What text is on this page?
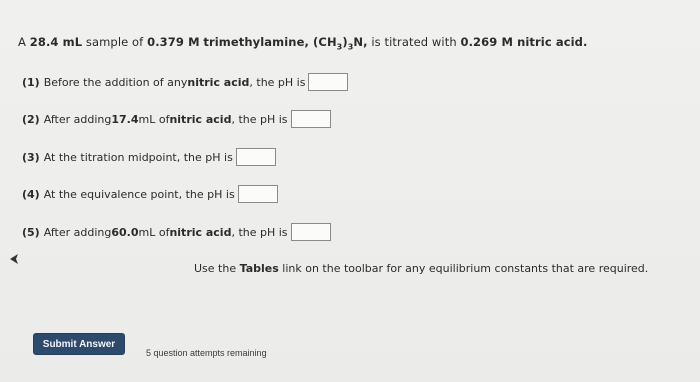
A 28.4 mL sample of 0.379 M trimethylamine, $(CH_3)_3N$, is titrated with 0.269 M nitric acid.
(1) Before the addition of any nitric acid , the pH is
(2) After adding 17.4 mL of nitric acid , the pH is
(3) At the titration midpoint, the pH is
(4) At the equivalence point, the pH is
(5) After adding 60.0 mL of nitric acid , the pH is
Use the Tables link on the toolbar for any equilibrium constants that are required.
Submit Answer
5 question attempts remaining
